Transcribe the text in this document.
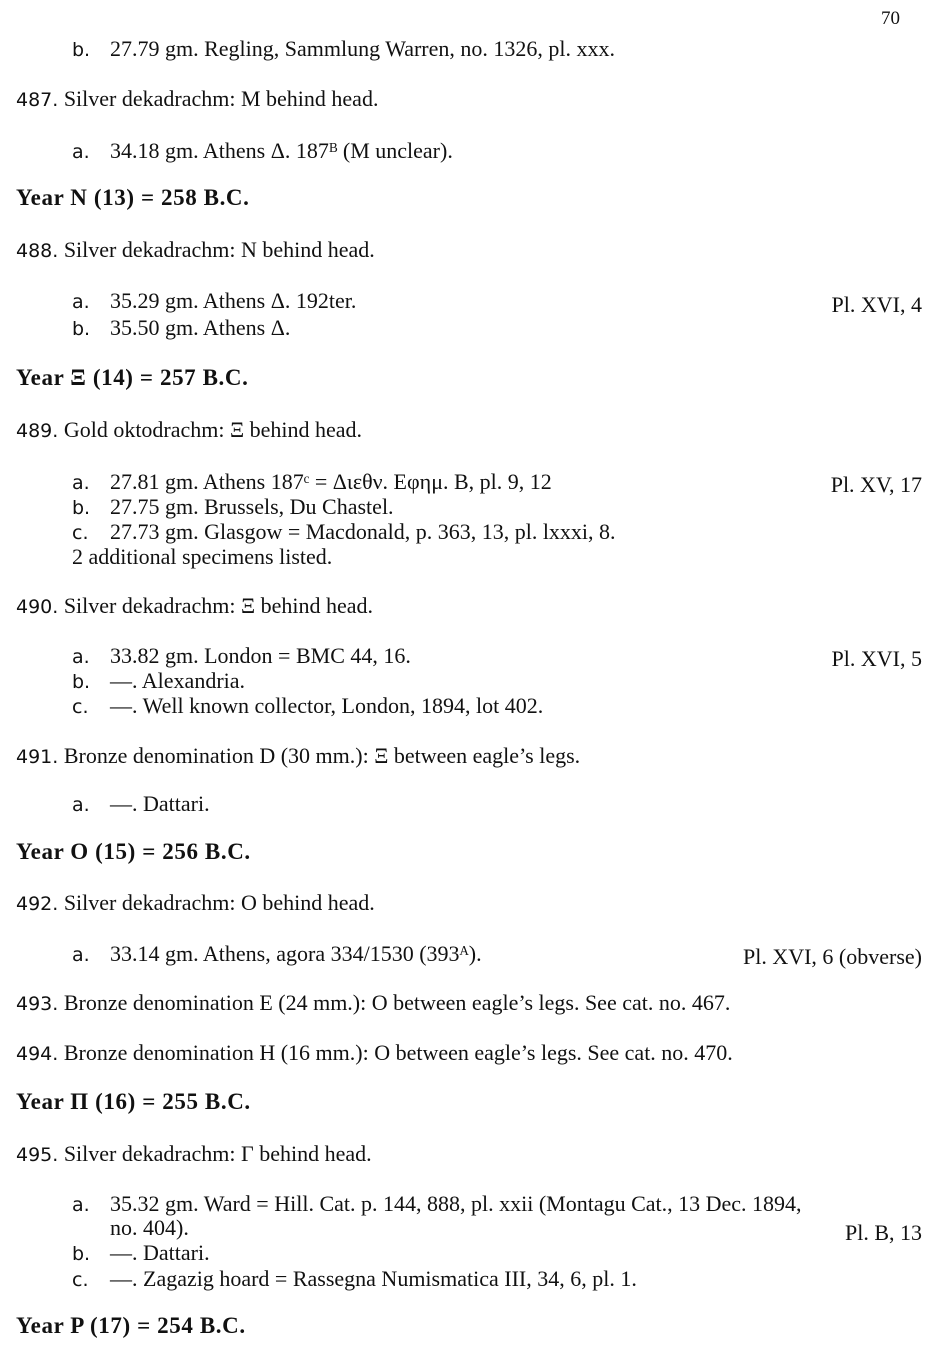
70
b. 27.79 gm. Regling, Sammlung Warren, no. 1326, pl. xxx.
487. Silver dekadrachm: Μ behind head.
a. 34.18 gm. Athens Δ. 187ᴮ (Μ unclear).
Year N (13) = 258 B.C.
488. Silver dekadrachm: Ν behind head.
a. 35.29 gm. Athens Δ. 192ter.	Pl. XVI, 4
b. 35.50 gm. Athens Δ.
Year Ξ (14) = 257 B.C.
489. Gold oktodrachm: Ξ behind head.
a. 27.81 gm. Athens 187ᶜ = Διεθν. Εφημ. B, pl. 9, 12	Pl. XV, 17
b. 27.75 gm. Brussels, Du Chastel.
c. 27.73 gm. Glasgow = Macdonald, p. 363, 13, pl. lxxxi, 8.
2 additional specimens listed.
490. Silver dekadrachm: Ξ behind head.
a. 33.82 gm. London = BMC 44, 16.	Pl. XVI, 5
b. —. Alexandria.
c. —. Well known collector, London, 1894, lot 402.
491. Bronze denomination D (30 mm.): Ξ between eagle’s legs.
a. —. Dattari.
Year O (15) = 256 B.C.
492. Silver dekadrachm: O behind head.
a. 33.14 gm. Athens, agora 334/1530 (393ᴬ).	Pl. XVI, 6 (obverse)
493. Bronze denomination E (24 mm.): O between eagle’s legs. See cat. no. 467.
494. Bronze denomination H (16 mm.): O between eagle’s legs. See cat. no. 470.
Year Π (16) = 255 B.C.
495. Silver dekadrachm: Γ behind head.
a. 35.32 gm. Ward = Hill. Cat. p. 144, 888, pl. xxii (Montagu Cat., 13 Dec. 1894,
no. 404).	Pl. B, 13
b. —. Dattari.
c. —. Zagazig hoard = Rassegna Numismatica III, 34, 6, pl. 1.
Year P (17) = 254 B.C.
